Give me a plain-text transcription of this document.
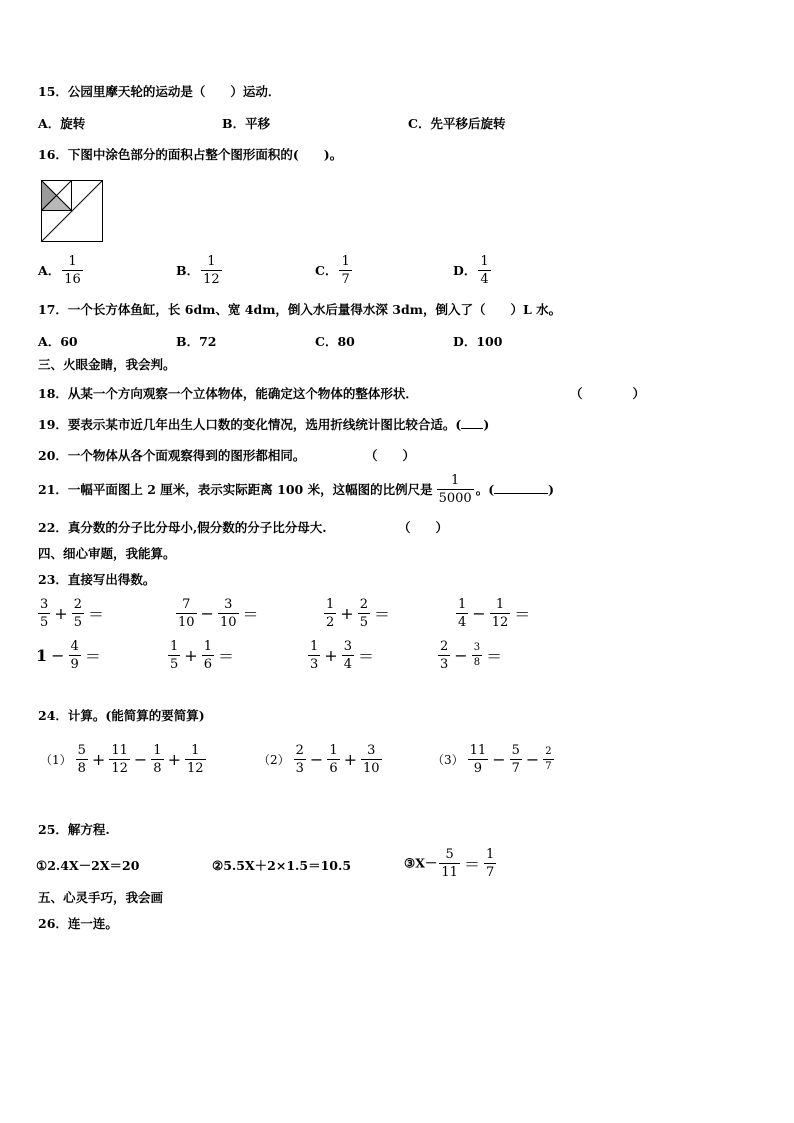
15．公园里摩天轮的运动是（　　）运动．
A．旋转	B．平移	C．先平移后旋转
16．下图中涂色部分的面积占整个图形面积的(　　)。
A． $\frac{1}{16}$	B． $\frac{1}{12}$	C． $\frac{1}{7}$	D． $\frac{1}{4}$
17．一个长方体鱼缸，长 6dm、宽 4dm，倒入水后量得水深 3dm，倒入了（　　）L 水。
A．60	B．72	C．80	D．100
三、火眼金睛，我会判。
18．从某一个方向观察一个立体物体，能确定这个物体的整体形状．	（　　　　）
19．要表示某市近几年出生人口数的变化情况，选用折线统计图比较合适。( )
20．一个物体从各个面观察得到的图形都相同。	（　　）
21．一幅平面图上 2 厘米，表示实际距离 100 米，这幅图的比例尺是 $\frac{1}{5000}$ 。(	)
22．真分数的分子比分母小,假分数的分子比分母大.	（　　）
四、细心审题，我能算。
23．直接写出得数。
$\frac{3}{5} + \frac{2}{5}$ ＝	$\frac{7}{10} - \frac{3}{10}$ ＝	$\frac{1}{2} + \frac{2}{5}$ ＝	$\frac{1}{4} - \frac{1}{12}$ ＝
$1 - \frac{4}{9}$ ＝	$\frac{1}{5} + \frac{1}{6}$ ＝	$\frac{1}{3} + \frac{3}{4}$ ＝	$\frac{2}{3} - \frac{3}{8}$ ＝
24．计算。(能简算的要简算)
$(1) \frac{5}{8} + \frac{11}{12} - \frac{1}{8} + \frac{1}{12}$	$(2) \frac{2}{3} - \frac{1}{6} + \frac{3}{10}$	$(3) \frac{11}{9} - \frac{5}{7} - \frac{2}{7}$
25．解方程.
①2.4X－2X＝20	②5.5X＋2×1.5＝10.5	③X－ $\frac{5}{11} = \frac{1}{7}$
五、心灵手巧，我会画
26．连一连。
